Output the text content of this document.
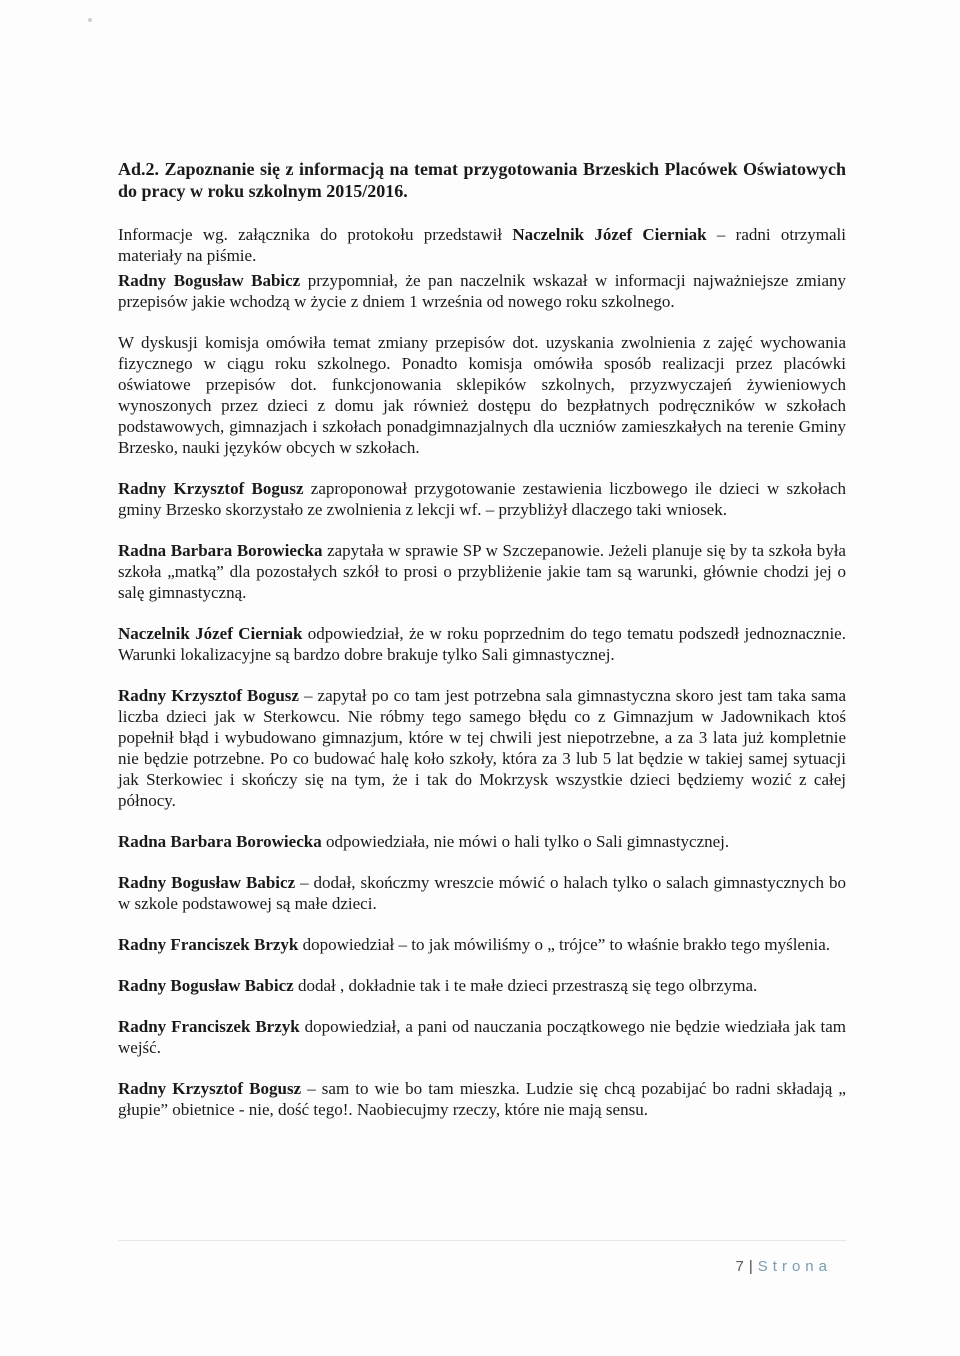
Ad.2. Zapoznanie się z informacją na temat przygotowania Brzeskich Placówek Oświatowych do pracy w roku szkolnym 2015/2016.
Informacje wg. załącznika do protokołu przedstawił Naczelnik Józef Cierniak – radni otrzymali materiały na piśmie.
Radny Bogusław Babicz przypomniał, że pan naczelnik wskazał w informacji najważniejsze zmiany przepisów jakie wchodzą w życie z dniem 1 września od nowego roku szkolnego.
W dyskusji komisja omówiła temat zmiany przepisów dot. uzyskania zwolnienia z zajęć wychowania fizycznego w ciągu roku szkolnego. Ponadto komisja omówiła sposób realizacji przez placówki oświatowe przepisów dot. funkcjonowania sklepików szkolnych, przyzwyczajeń żywieniowych wynoszonych przez dzieci z domu jak również dostępu do bezpłatnych podręczników w szkołach podstawowych, gimnazjach i szkołach ponadgimnazjalnych dla uczniów zamieszkałych na terenie Gminy Brzesko, nauki języków obcych w szkołach.
Radny Krzysztof Bogusz zaproponował przygotowanie zestawienia liczbowego ile dzieci w szkołach gminy Brzesko skorzystało ze zwolnienia z lekcji wf. – przybliżył dlaczego taki wniosek.
Radna Barbara Borowiecka zapytała w sprawie SP w Szczepanowie. Jeżeli planuje się by ta szkoła była szkoła „matką” dla pozostałych szkół to prosi o przybliżenie jakie tam są warunki, głównie chodzi jej o salę gimnastyczną.
Naczelnik Józef Cierniak odpowiedział, że w roku poprzednim do tego tematu podszedł jednoznacznie. Warunki lokalizacyjne są bardzo dobre brakuje tylko Sali gimnastycznej.
Radny Krzysztof Bogusz – zapytał po co tam jest potrzebna sala gimnastyczna skoro jest tam taka sama liczba dzieci jak w Sterkowcu. Nie róbmy tego samego błędu co z Gimnazjum w Jadownikach ktoś popełnił błąd i wybudowano gimnazjum, które w tej chwili jest niepotrzebne, a za 3 lata już kompletnie nie będzie potrzebne. Po co budować halę koło szkoły, która za 3 lub 5 lat będzie w takiej samej sytuacji jak Sterkowiec i skończy się na tym, że i tak do Mokrzysk wszystkie dzieci będziemy wozić z całej północy.
Radna Barbara Borowiecka odpowiedziała, nie mówi o hali tylko o Sali gimnastycznej.
Radny Bogusław Babicz – dodał, skończmy wreszcie mówić o halach tylko o salach gimnastycznych bo w szkole podstawowej są małe dzieci.
Radny Franciszek Brzyk dopowiedział – to jak mówiliśmy o „ trójce” to właśnie brakło tego myślenia.
Radny Bogusław Babicz dodał , dokładnie tak i te małe dzieci przestraszą się tego olbrzyma.
Radny Franciszek Brzyk dopowiedział, a pani od nauczania początkowego nie będzie wiedziała jak tam wejść.
Radny Krzysztof Bogusz – sam to wie bo tam mieszka. Ludzie się chcą pozabijać bo radni składają „ głupie” obietnice - nie, dość tego!. Naobiecujmy rzeczy, które nie mają sensu.
7 | Strona
